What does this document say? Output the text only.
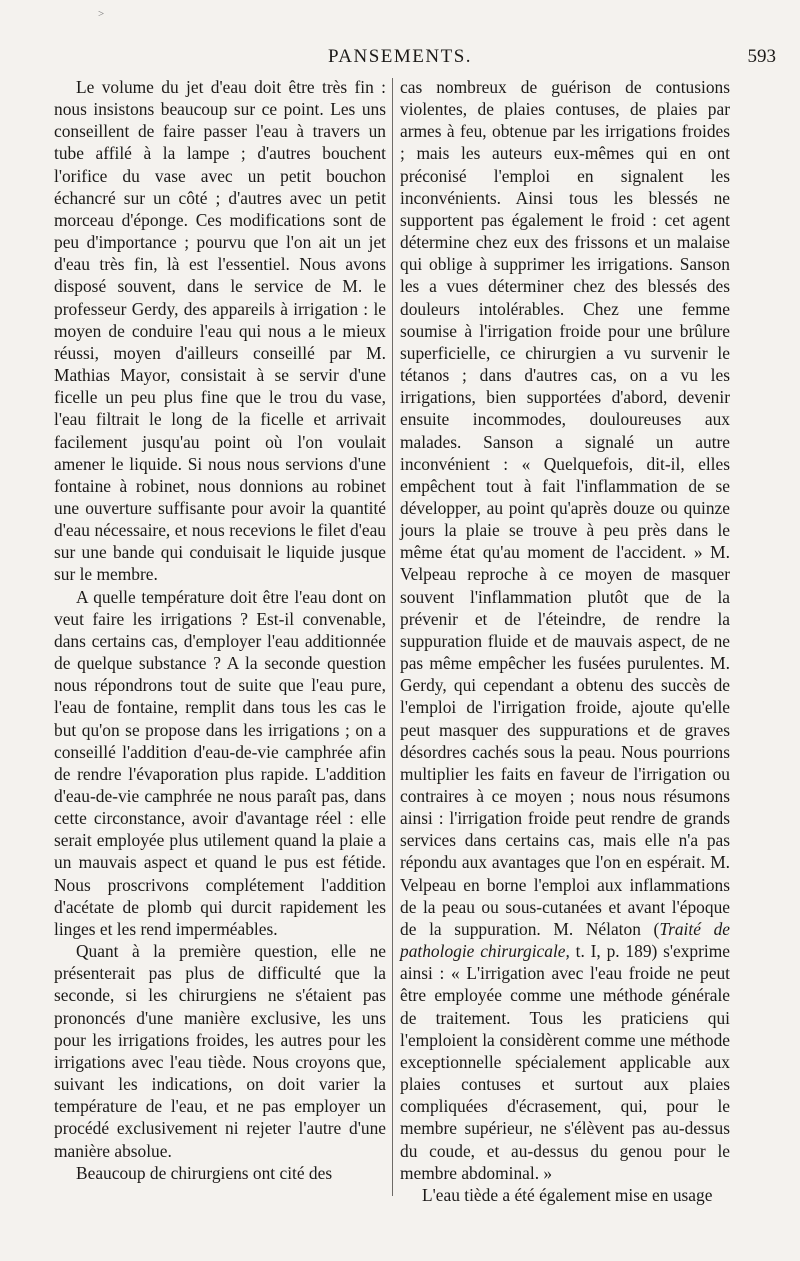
˃
PANSEMENTS.	593

Le volume du jet d'eau doit être très fin : nous insistons beaucoup sur ce point. Les uns conseillent de faire passer l'eau à travers un tube affilé à la lampe ; d'autres bouchent l'orifice du vase avec un petit bouchon échancré sur un côté ; d'autres avec un petit morceau d'éponge. Ces modifications sont de peu d'importance ; pourvu que l'on ait un jet d'eau très fin, là est l'essentiel. Nous avons disposé souvent, dans le service de M. le professeur Gerdy, des appareils à irrigation : le moyen de conduire l'eau qui nous a le mieux réussi, moyen d'ailleurs conseillé par M. Mathias Mayor, consistait à se servir d'une ficelle un peu plus fine que le trou du vase, l'eau filtrait le long de la ficelle et arrivait facilement jusqu'au point où l'on voulait amener le liquide. Si nous nous servions d'une fontaine à robinet, nous donnions au robinet une ouverture suffisante pour avoir la quantité d'eau nécessaire, et nous recevions le filet d'eau sur une bande qui conduisait le liquide jusque sur le membre.

A quelle température doit être l'eau dont on veut faire les irrigations ? Est-il convenable, dans certains cas, d'employer l'eau additionnée de quelque substance ? A la seconde question nous répondrons tout de suite que l'eau pure, l'eau de fontaine, remplit dans tous les cas le but qu'on se propose dans les irrigations ; on a conseillé l'addition d'eau-de-vie camphrée afin de rendre l'évaporation plus rapide. L'addition d'eau-de-vie camphrée ne nous paraît pas, dans cette circonstance, avoir d'avantage réel : elle serait employée plus utilement quand la plaie a un mauvais aspect et quand le pus est fétide. Nous proscrivons complétement l'addition d'acétate de plomb qui durcit rapidement les linges et les rend imperméables.

Quant à la première question, elle ne présenterait pas plus de difficulté que la seconde, si les chirurgiens ne s'étaient pas prononcés d'une manière exclusive, les uns pour les irrigations froides, les autres pour les irrigations avec l'eau tiède. Nous croyons que, suivant les indications, on doit varier la température de l'eau, et ne pas employer un procédé exclusivement ni rejeter l'autre d'une manière absolue.

Beaucoup de chirurgiens ont cité des

cas nombreux de guérison de contusions violentes, de plaies contuses, de plaies par armes à feu, obtenue par les irrigations froides ; mais les auteurs eux-mêmes qui en ont préconisé l'emploi en signalent les inconvénients. Ainsi tous les blessés ne supportent pas également le froid : cet agent détermine chez eux des frissons et un malaise qui oblige à supprimer les irrigations. Sanson les a vues déterminer chez des blessés des douleurs intolérables. Chez une femme soumise à l'irrigation froide pour une brûlure superficielle, ce chirurgien a vu survenir le tétanos ; dans d'autres cas, on a vu les irrigations, bien supportées d'abord, devenir ensuite incommodes, douloureuses aux malades. Sanson a signalé un autre inconvénient : « Quelquefois, dit-il, elles empêchent tout à fait l'inflammation de se développer, au point qu'après douze ou quinze jours la plaie se trouve à peu près dans le même état qu'au moment de l'accident. » M. Velpeau reproche à ce moyen de masquer souvent l'inflammation plutôt que de la prévenir et de l'éteindre, de rendre la suppuration fluide et de mauvais aspect, de ne pas même empêcher les fusées purulentes. M. Gerdy, qui cependant a obtenu des succès de l'emploi de l'irrigation froide, ajoute qu'elle peut masquer des suppurations et de graves désordres cachés sous la peau. Nous pourrions multiplier les faits en faveur de l'irrigation ou contraires à ce moyen ; nous nous résumons ainsi : l'irrigation froide peut rendre de grands services dans certains cas, mais elle n'a pas répondu aux avantages que l'on en espérait. M. Velpeau en borne l'emploi aux inflammations de la peau ou sous-cutanées et avant l'époque de la suppuration. M. Nélaton (Traité de pathologie chirurgicale, t. I, p. 189) s'exprime ainsi : « L'irrigation avec l'eau froide ne peut être employée comme une méthode générale de traitement. Tous les praticiens qui l'emploient la considèrent comme une méthode exceptionnelle spécialement applicable aux plaies contuses et surtout aux plaies compliquées d'écrasement, qui, pour le membre supérieur, ne s'élèvent pas au-dessus du coude, et au-dessus du genou pour le membre abdominal. »

L'eau tiède a été également mise en usage
